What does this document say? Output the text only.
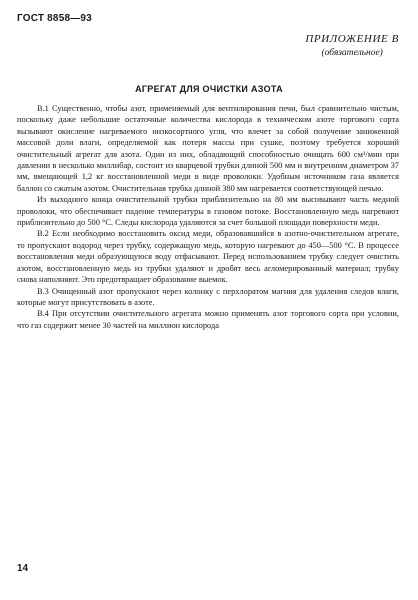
ГОСТ 8858—93
ПРИЛОЖЕНИЕ В
(обязательное)
АГРЕГАТ ДЛЯ ОЧИСТКИ АЗОТА

В.1 Существенно, чтобы азот, применяемый для вентилирования печи, был сравнительно чистым, поскольку даже небольшие остаточные количества кислорода в техническом азоте торгового сорта вызывают окисление нагреваемого низкосортного угля, что влечет за собой получение заниженной массовой доли влаги, определяемой как потеря массы при сушке, поэтому требуется хороший очистительный агрегат для азота. Один из них, обладающий способностью очищать 600 см³/мин при давлении в несколько миллибар, состоит из кварцевой трубки длиной 500 мм и внутренним диаметром 37 мм, вмещающей 1,2 кг восстановленной меди в виде проволоки. Удобным источником газа является баллон со сжатым азотом. Очистительная трубка длиной 380 мм нагревается соответствующей печью.

Из выходного конца очистительной трубки приблизительно на 80 мм высовывают часть медной проволоки, что обеспечивает падение температуры в газовом потоке. Восстановленную медь нагревают приблизительно до 500 °C. Следы кислорода удаляются за счет большой площади поверхности меди.

В.2 Если необходимо восстановить оксид меди, образовавшийся в азотно-очистительном агрегате, то пропускают водород через трубку, содержащую медь, которую нагревают до 450—500 °C. В процессе восстановления меди образующуюся воду отфасывают. Перед использованием трубку следует очистить азотом, восстановленную медь из трубки удаляют и дробят весь агломерированный материал; трубку снова наполняют. Это предотвращает образование выемок.

В.3 Очищенный азот пропускают через колонку с перхлоратом магния для удаления следов влаги, которые могут присутствовать в азоте.

В.4 При отсутствии очистительного агрегата можно применять азот торгового сорта при условии, что газ содержит менее 30 частей на миллион кислорода

14
